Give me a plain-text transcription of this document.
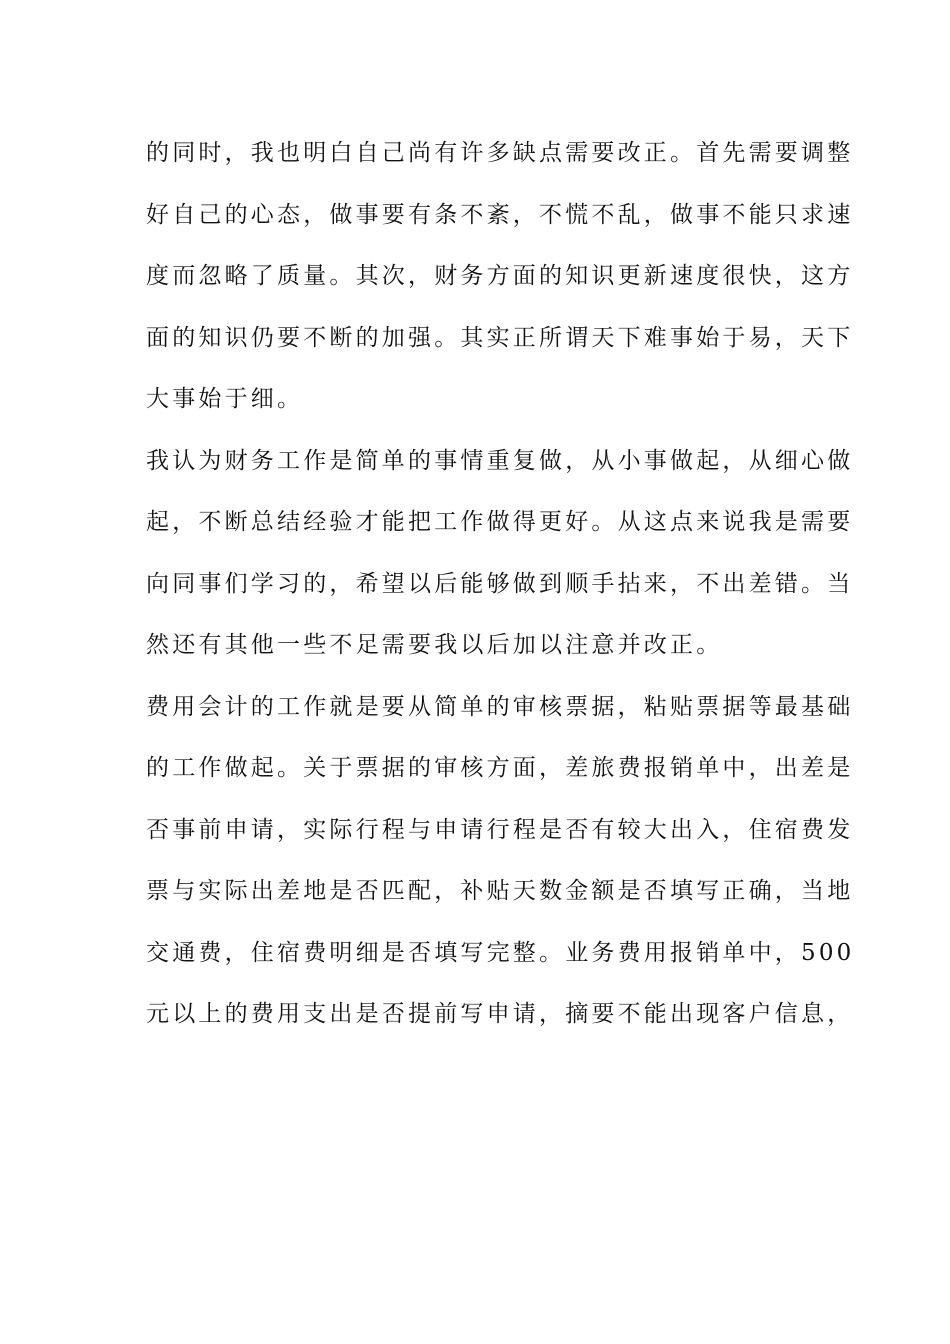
的同时，我也明白自己尚有许多缺点需要改正。首先需要调整
好自己的心态，做事要有条不紊，不慌不乱，做事不能只求速
度而忽略了质量。其次，财务方面的知识更新速度很快，这方
面的知识仍要不断的加强。其实正所谓天下难事始于易，天下
大事始于细。
我认为财务工作是简单的事情重复做，从小事做起，从细心做
起，不断总结经验才能把工作做得更好。从这点来说我是需要
向同事们学习的，希望以后能够做到顺手拈来，不出差错。当
然还有其他一些不足需要我以后加以注意并改正。
费用会计的工作就是要从简单的审核票据，粘贴票据等最基础
的工作做起。关于票据的审核方面，差旅费报销单中，出差是
否事前申请，实际行程与申请行程是否有较大出入，住宿费发
票与实际出差地是否匹配，补贴天数金额是否填写正确，当地
交通费，住宿费明细是否填写完整。业务费用报销单中，500
元以上的费用支出是否提前写申请，摘要不能出现客户信息，
